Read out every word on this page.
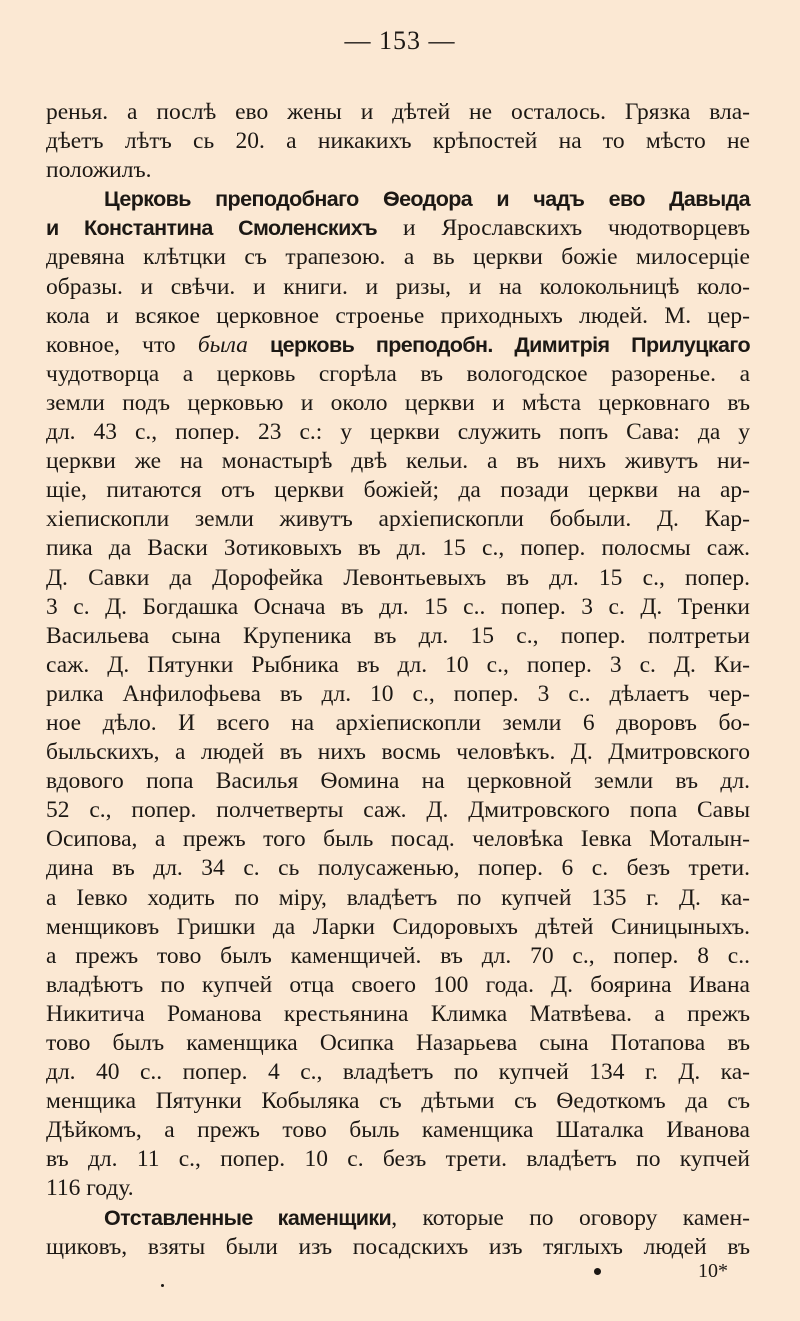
— 153 —
ренья. а послѣ ево жены и дѣтей не осталось. Грязка вла-
дѣетъ лѣтъ сь 20. а никакихъ крѣпостей на то мѣсто не
положилъ.
Церковь преподобнаго Ѳеодора и чадъ ево Давыда
и Константина Смоленскихъ и Ярославскихъ чюдотворцевъ
древяна клѣтцки съ трапезою. а вь церкви божіе милосерціе
образы. и свѣчи. и книги. и ризы, и на колокольницѣ коло-
кола и всякое церковное строенье приходныхъ людей. М. цер-
ковное, что была церковь преподобн. Димитрія Прилуцкаго
чудотворца а церковь сгорѣла въ вологодское разоренье. а
земли подъ церковью и около церкви и мѣста церковнаго въ
дл. 43 с., попер. 23 с.: у церкви служить попъ Сава: да у
церкви же на монастырѣ двѣ кельи. а въ нихъ живутъ ни-
щіе, питаются отъ церкви божіей; да позади церкви на ар-
хіепископли земли живутъ архіепископли бобыли. Д. Кар-
пика да Васки Зотиковыхъ въ дл. 15 с., попер. полосмы саж.
Д. Савки да Дорофейка Левонтьевыхъ въ дл. 15 с., попер.
3 с. Д. Богдашка Оснача въ дл. 15 с.. попер. 3 с. Д. Тренки
Васильева сына Крупеника въ дл. 15 с., попер. полтретьи
саж. Д. Пятунки Рыбника въ дл. 10 с., попер. 3 с. Д. Ки-
рилка Анфилофьева въ дл. 10 с., попер. 3 с.. дѣлаетъ чер-
ное дѣло. И всего на архіепископли земли 6 дворовъ бо-
быльскихъ, а людей въ нихъ восмь человѣкъ. Д. Дмитровского
вдового попа Василья Ѳомина на церковной земли въ дл.
52 с., попер. полчетверты саж. Д. Дмитровского попа Савы
Осипова, а прежъ того быль посад. человѣка Іевка Моталын-
дина въ дл. 34 с. сь полусаженью, попер. 6 с. безъ трети.
а Іевко ходить по міру, владѣетъ по купчей 135 г. Д. ка-
менщиковъ Гришки да Ларки Сидоровыхъ дѣтей Синицыныхъ.
а прежъ тово былъ каменщичей. въ дл. 70 с., попер. 8 с..
владѣютъ по купчей отца своего 100 года. Д. боярина Ивана
Никитича Романова крестьянина Климка Матвѣева. а прежъ
тово былъ каменщика Осипка Назарьева сына Потапова въ
дл. 40 с.. попер. 4 с., владѣетъ по купчей 134 г. Д. ка-
менщика Пятунки Кобыляка съ дѣтьми съ Ѳедоткомъ да съ
Дѣйкомъ, а прежъ тово быль каменщика Шаталка Иванова
въ дл. 11 с., попер. 10 с. безъ трети. владѣетъ по купчей
116 году.
Отставленные каменщики, которые по оговору камен-
щиковъ, взяты были изъ посадскихъ изъ тяглыхъ людей въ
10*
